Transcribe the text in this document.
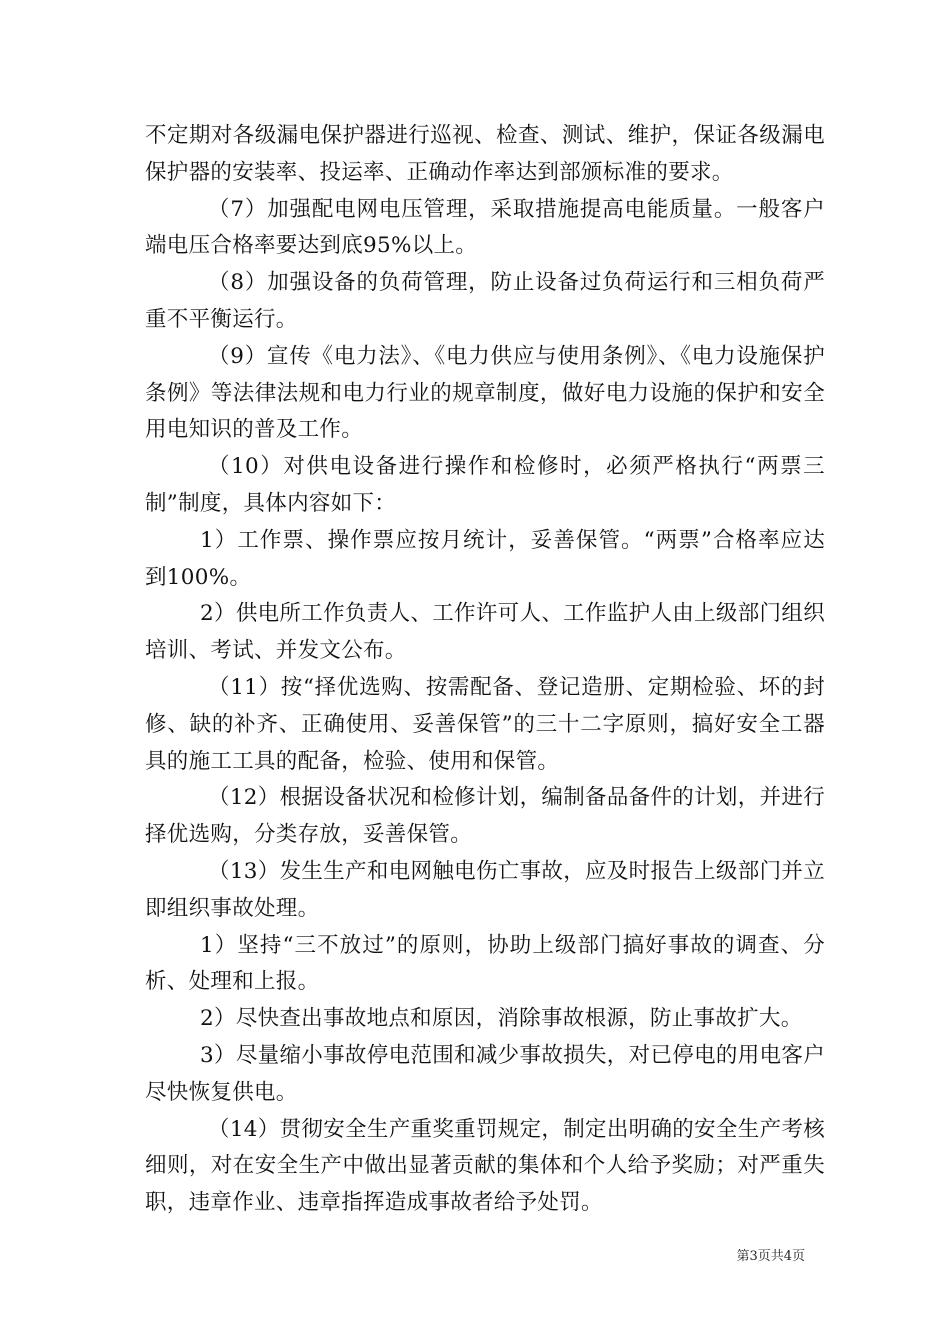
不定期对各级漏电保护器进行巡视、检查、测试、维护，保证各级漏电保护器的安装率、投运率、正确动作率达到部颁标准的要求。

（7）加强配电网电压管理，采取措施提高电能质量。一般客户端电压合格率要达到底95%以上。

（8）加强设备的负荷管理，防止设备过负荷运行和三相负荷严重不平衡运行。

（9）宣传《电力法》、《电力供应与使用条例》、《电力设施保护条例》等法律法规和电力行业的规章制度，做好电力设施的保护和安全用电知识的普及工作。

（10）对供电设备进行操作和检修时，必须严格执行“两票三制”制度，具体内容如下：

1）工作票、操作票应按月统计，妥善保管。“两票”合格率应达到100%。

2）供电所工作负责人、工作许可人、工作监护人由上级部门组织培训、考试、并发文公布。

（11）按“择优选购、按需配备、登记造册、定期检验、坏的封修、缺的补齐、正确使用、妥善保管”的三十二字原则，搞好安全工器具的施工工具的配备，检验、使用和保管。

（12）根据设备状况和检修计划，编制备品备件的计划，并进行择优选购，分类存放，妥善保管。

（13）发生生产和电网触电伤亡事故，应及时报告上级部门并立即组织事故处理。

1）坚持“三不放过”的原则，协助上级部门搞好事故的调查、分析、处理和上报。

2）尽快查出事故地点和原因，消除事故根源，防止事故扩大。

3）尽量缩小事故停电范围和减少事故损失，对已停电的用电客户尽快恢复供电。

（14）贯彻安全生产重奖重罚规定，制定出明确的安全生产考核细则，对在安全生产中做出显著贡献的集体和个人给予奖励；对严重失职，违章作业、违章指挥造成事故者给予处罚。

第3页共4页
